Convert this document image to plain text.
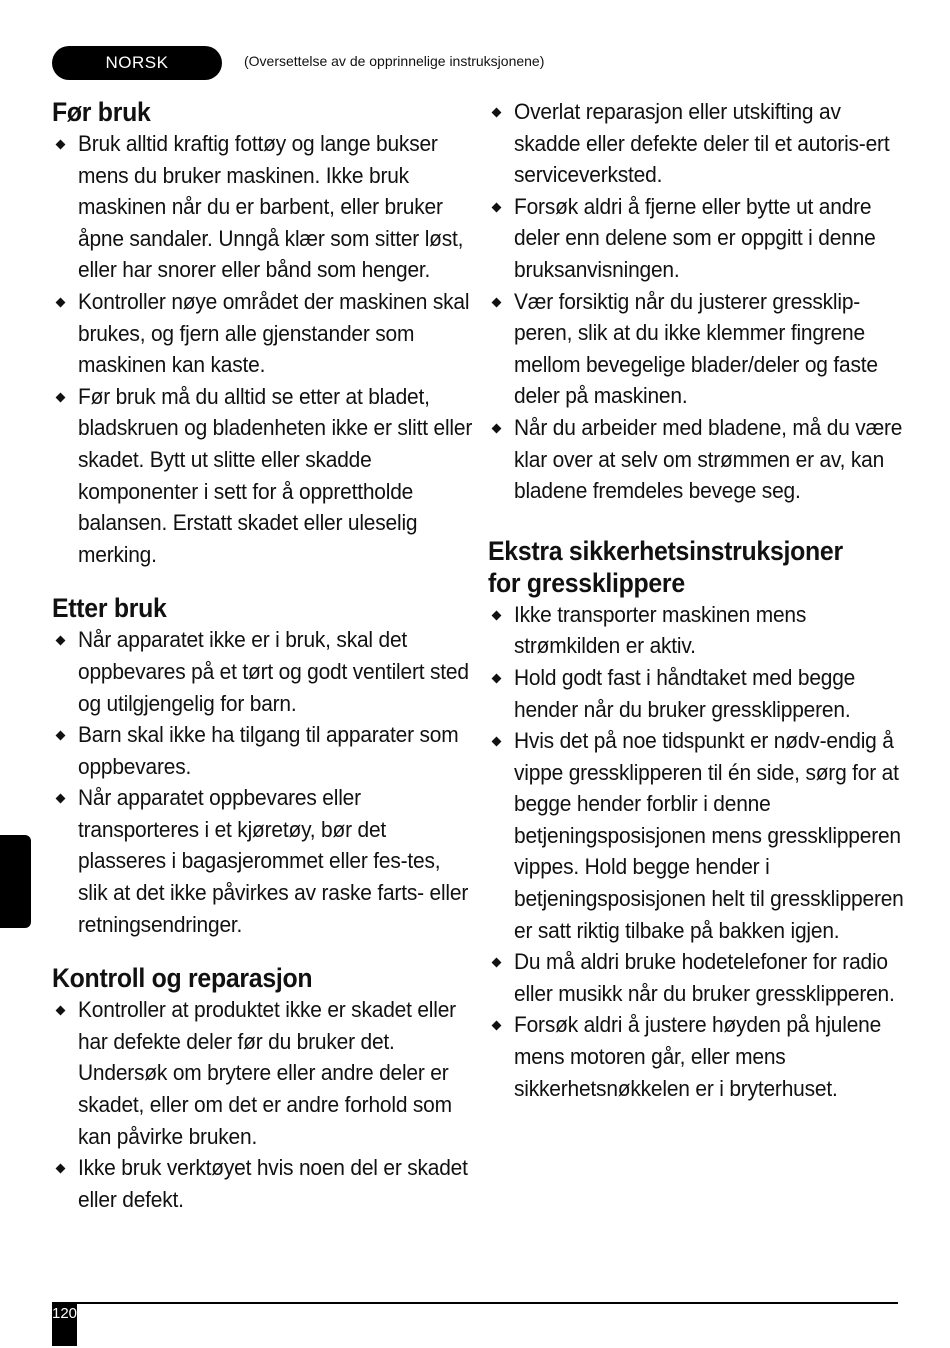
NORSK	(Oversettelse av de opprinnelige instruksjonene)
Før bruk
Bruk alltid kraftig fottøy og lange bukser mens du bruker maskinen. Ikke bruk maskinen når du er barbent, eller bruker åpne sandaler. Unngå klær som sitter løst, eller har snorer eller bånd som henger.
Kontroller nøye området der maskinen skal brukes, og fjern alle gjenstander som maskinen kan kaste.
Før bruk må du alltid se etter at bladet, bladskruen og bladenheten ikke er slitt eller skadet. Bytt ut slitte eller skadde komponenter i sett for å opprettholde balansen. Erstatt skadet eller uleselig merking.
Etter bruk
Når apparatet ikke er i bruk, skal det oppbevares på et tørt og godt ventilert sted og utilgjengelig for barn.
Barn skal ikke ha tilgang til apparater som oppbevares.
Når apparatet oppbevares eller transporteres i et kjøretøy, bør det plasseres i bagasjerommet eller fes-tes, slik at det ikke påvirkes av raske farts- eller retningsendringer.
Kontroll og reparasjon
Kontroller at produktet ikke er skadet eller har defekte deler før du bruker det. Undersøk om brytere eller andre deler er skadet, eller om det er andre forhold som kan påvirke bruken.
Ikke bruk verktøyet hvis noen del er skadet eller defekt.
Overlat reparasjon eller utskifting av skadde eller defekte deler til et autoris-ert serviceverksted.
Forsøk aldri å fjerne eller bytte ut andre deler enn delene som er oppgitt i denne bruksanvisningen.
Vær forsiktig når du justerer gressklip-peren, slik at du ikke klemmer fingrene mellom bevegelige blader/deler og faste deler på maskinen.
Når du arbeider med bladene, må du være klar over at selv om strømmen er av, kan bladene fremdeles bevege seg.
Ekstra sikkerhetsinstruksjoner
for gressklippere
Ikke transporter maskinen mens strømkilden er aktiv.
Hold godt fast i håndtaket med begge hender når du bruker gressklipperen.
Hvis det på noe tidspunkt er nødv-endig å vippe gressklipperen til én side, sørg for at begge hender forblir i denne betjeningsposisjonen mens gressklipperen vippes. Hold begge hender i betjeningsposisjonen helt til gressklipperen er satt riktig tilbake på bakken igjen.
Du må aldri bruke hodetelefoner for radio eller musikk når du bruker gressklipperen.
Forsøk aldri å justere høyden på hjulene mens motoren går, eller mens sikkerhetsnøkkelen er i bryterhuset.
120
